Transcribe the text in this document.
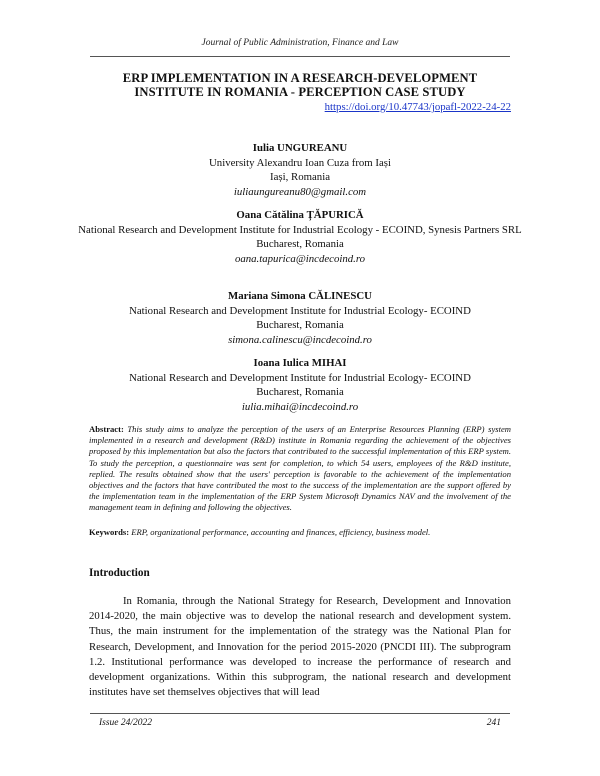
Journal of Public Administration, Finance and Law
ERP IMPLEMENTATION IN A RESEARCH-DEVELOPMENT
INSTITUTE IN ROMANIA - PERCEPTION CASE STUDY
https://doi.org/10.47743/jopafl-2022-24-22
Iulia UNGUREANU
University Alexandru Ioan Cuza from Iași
Iași, Romania
iuliaungureanu80@gmail.com
Oana Cătălina ȚĂPURICĂ
National Research and Development Institute for Industrial Ecology - ECOIND, Synesis Partners SRL
Bucharest, Romania
oana.tapurica@incdecoind.ro
Mariana Simona CĂLINESCU
National Research and Development Institute for Industrial Ecology- ECOIND
Bucharest, Romania
simona.calinescu@incdecoind.ro
Ioana Iulica MIHAI
National Research and Development Institute for Industrial Ecology- ECOIND
Bucharest, Romania
iulia.mihai@incdecoind.ro
Abstract: This study aims to analyze the perception of the users of an Enterprise Resources Planning (ERP) system implemented in a research and development (R&D) institute in Romania regarding the achievement of the objectives proposed by this implementation but also the factors that contributed to the successful implementation of this ERP system. To study the perception, a questionnaire was sent for completion, to which 54 users, employees of the R&D institute, replied. The results obtained show that the users' perception is favorable to the achievement of the implementation objectives and the factors that have contributed the most to the success of the implementation are the support offered by the implementation team in the implementation of the ERP System Microsoft Dynamics NAV and the involvement of the management team in defining and following the objectives.
Keywords: ERP, organizational performance, accounting and finances, efficiency, business model.
Introduction
In Romania, through the National Strategy for Research, Development and Innovation 2014-2020, the main objective was to develop the national research and development system. Thus, the main instrument for the implementation of the strategy was the National Plan for Research, Development, and Innovation for the period 2015-2020 (PNCDI III). The subprogram 1.2. Institutional performance was developed to increase the performance of research and development organizations. Within this subprogram, the national research and development institutes have set themselves objectives that will lead
Issue 24/2022	241
